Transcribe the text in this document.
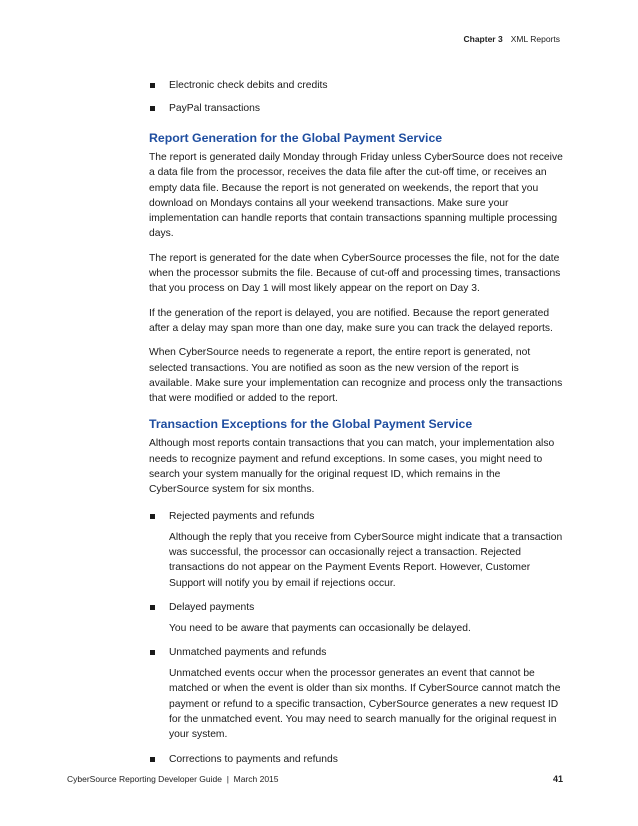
Chapter 3 XML Reports
Electronic check debits and credits
PayPal transactions
Report Generation for the Global Payment Service

The report is generated daily Monday through Friday unless CyberSource does not receive a data file from the processor, receives the data file after the cut-off time, or receives an empty data file. Because the report is not generated on weekends, the report that you download on Mondays contains all your weekend transactions. Make sure your implementation can handle reports that contain transactions spanning multiple processing days.

The report is generated for the date when CyberSource processes the file, not for the date when the processor submits the file. Because of cut-off and processing times, transactions that you process on Day 1 will most likely appear on the report on Day 3.

If the generation of the report is delayed, you are notified. Because the report generated after a delay may span more than one day, make sure you can track the delayed reports.

When CyberSource needs to regenerate a report, the entire report is generated, not selected transactions. You are notified as soon as the new version of the report is available. Make sure your implementation can recognize and process only the transactions that were modified or added to the report.

Transaction Exceptions for the Global Payment Service

Although most reports contain transactions that you can match, your implementation also needs to recognize payment and refund exceptions. In some cases, you might need to search your system manually for the original request ID, which remains in the CyberSource system for six months.

Rejected payments and refunds
Although the reply that you receive from CyberSource might indicate that a transaction was successful, the processor can occasionally reject a transaction. Rejected transactions do not appear on the Payment Events Report. However, Customer Support will notify you by email if rejections occur.
Delayed payments
You need to be aware that payments can occasionally be delayed.
Unmatched payments and refunds
Unmatched events occur when the processor generates an event that cannot be matched or when the event is older than six months. If CyberSource cannot match the payment or refund to a specific transaction, CyberSource generates a new request ID for the unmatched event. You may need to search manually for the original request in your system.
Corrections to payments and refunds
CyberSource Reporting Developer Guide  |  March 2015	41
